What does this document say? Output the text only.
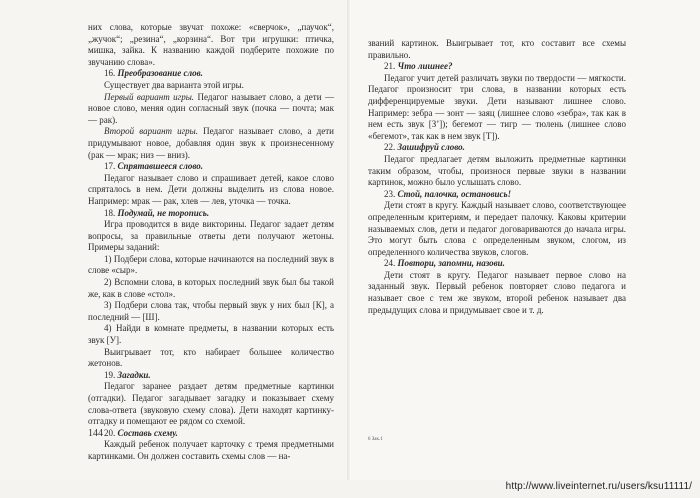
них слова, которые звучат похоже: «сверчок», „паучок“, „жучок“; „резина“, „корзина“. Вот три игрушки: птичка, мишка, зайка. К названию каждой подберите похожие по звучанию слова».

16. Преобразование слов.

Существует два варианта этой игры.

Первый вариант игры. Педагог называет слово, а дети — новое слово, меняя один согласный звук (почка — почта; мак — рак).

Второй вариант игры. Педагог называет слово, а дети придумывают новое, добавляя один звук к произнесенному (рак — мрак; низ — вниз).

17. Спрятавшееся слово.

Педагог называет слово и спрашивает детей, какое слово спряталось в нем. Дети должны выделить из слова новое. Например: мрак — рак, хлев — лев, уточка — точка.

18. Подумай, не торопись.

Игра проводится в виде викторины. Педагог задает детям вопросы, за правильные ответы дети получают жетоны. Примеры заданий:

1) Подбери слова, которые начинаются на последний звук в слове «сыр».

2) Вспомни слова, в которых последний звук был бы такой же, как в слове «стол».

3) Подбери слова так, чтобы первый звук у них был [К], а последний — [Ш].

4) Найди в комнате предметы, в названии которых есть звук [У].

Выигрывает тот, кто набирает большее количество жетонов.

19. Загадки.

Педагог заранее раздает детям предметные картинки (отгадки). Педагог загадывает загадку и показывает схему слова-ответа (звуковую схему слова). Дети находят картинку-отгадку и помещают ее рядом со схемой.

20. Составь схему.

Каждый ребенок получает карточку с тремя предметными картинками. Он должен составить схемы слов — на-

144

званий картинок. Выигрывает тот, кто составит все схемы правильно.

21. Что лишнее?

Педагог учит детей различать звуки по твердости — мягкости. Педагог произносит три слова, в названии которых есть дифференцируемые звуки. Дети называют лишнее слово. Например: зебра — зонт — заяц (лишнее слово «зебра», так как в нем есть звук [З’]); бегемот — тигр — тюлень (лишнее слово «бегемот», так как в нем звук [Т]).

22. Зашифруй слово.

Педагог предлагает детям выложить предметные картинки таким образом, чтобы, произнося первые звуки в названии картинок, можно было услышать слово.

23. Стой, палочка, остановись!

Дети стоят в кругу. Каждый называет слово, соответствующее определенным критериям, и передает палочку. Каковы критерии называемых слов, дети и педагог договариваются до начала игры. Это могут быть слова с определенным звуком, слогом, из определенного количества звуков, слогов.

24. Повтори, запомни, назови.

Дети стоят в кругу. Педагог называет первое слово на заданный звук. Первый ребенок повторяет слово педагога и называет свое с тем же звуком, второй ребенок называет два предыдущих слова и придумывает свое и т. д.

6 Зак.1
http://www.liveinternet.ru/users/ksu11111/
